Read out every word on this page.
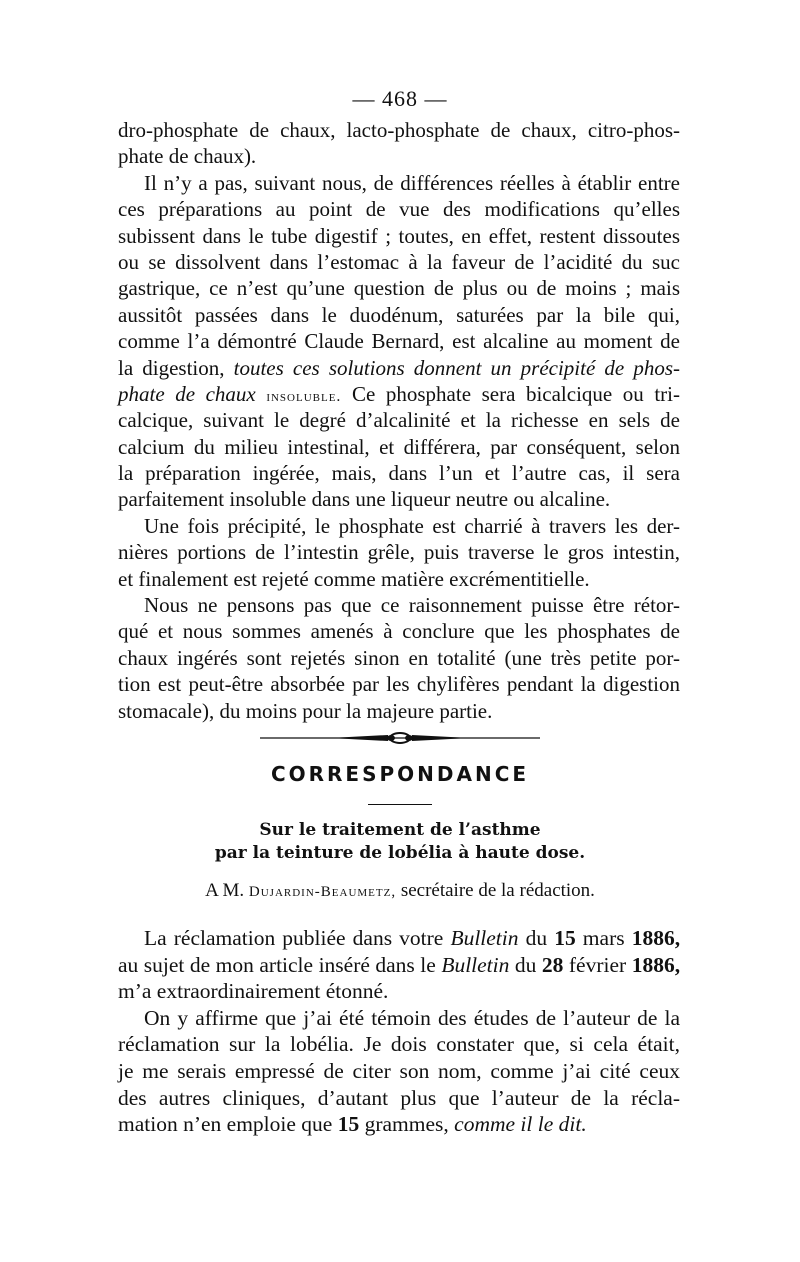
— 468 —
dro-phosphate de chaux, lacto-phosphate de chaux, citro-phos-
phate de chaux).
Il n’y a pas, suivant nous, de différences réelles à établir entre
ces préparations au point de vue des modifications qu’elles
subissent dans le tube digestif ; toutes, en effet, restent dissoutes
ou se dissolvent dans l’estomac à la faveur de l’acidité du suc
gastrique, ce n’est qu’une question de plus ou de moins ; mais
aussitôt passées dans le duodénum, saturées par la bile qui,
comme l’a démontré Claude Bernard, est alcaline au moment de
la digestion, toutes ces solutions donnent un précipité de phos-
phate de chaux insoluble. Ce phosphate sera bicalcique ou tri-
calcique, suivant le degré d’alcalinité et la richesse en sels de
calcium du milieu intestinal, et différera, par conséquent, selon
la préparation ingérée, mais, dans l’un et l’autre cas, il sera
parfaitement insoluble dans une liqueur neutre ou alcaline.
Une fois précipité, le phosphate est charrié à travers les der-
nières portions de l’intestin grêle, puis traverse le gros intestin,
et finalement est rejeté comme matière excrémentitielle.
Nous ne pensons pas que ce raisonnement puisse être rétor-
qué et nous sommes amenés à conclure que les phosphates de
chaux ingérés sont rejetés sinon en totalité (une très petite por-
tion est peut-être absorbée par les chylifères pendant la digestion
stomacale), du moins pour la majeure partie.
CORRESPONDANCE
Sur le traitement de l’asthme
par la teinture de lobélia à haute dose.
A M. Dujardin-Beaumetz, secrétaire de la rédaction.
La réclamation publiée dans votre Bulletin du 15 mars 1886,
au sujet de mon article inséré dans le Bulletin du 28 février 1886,
m’a extraordinairement étonné.
On y affirme que j’ai été témoin des études de l’auteur de la
réclamation sur la lobélia. Je dois constater que, si cela était,
je me serais empressé de citer son nom, comme j’ai cité ceux
des autres cliniques, d’autant plus que l’auteur de la récla-
mation n’en emploie que 15 grammes, comme il le dit.
